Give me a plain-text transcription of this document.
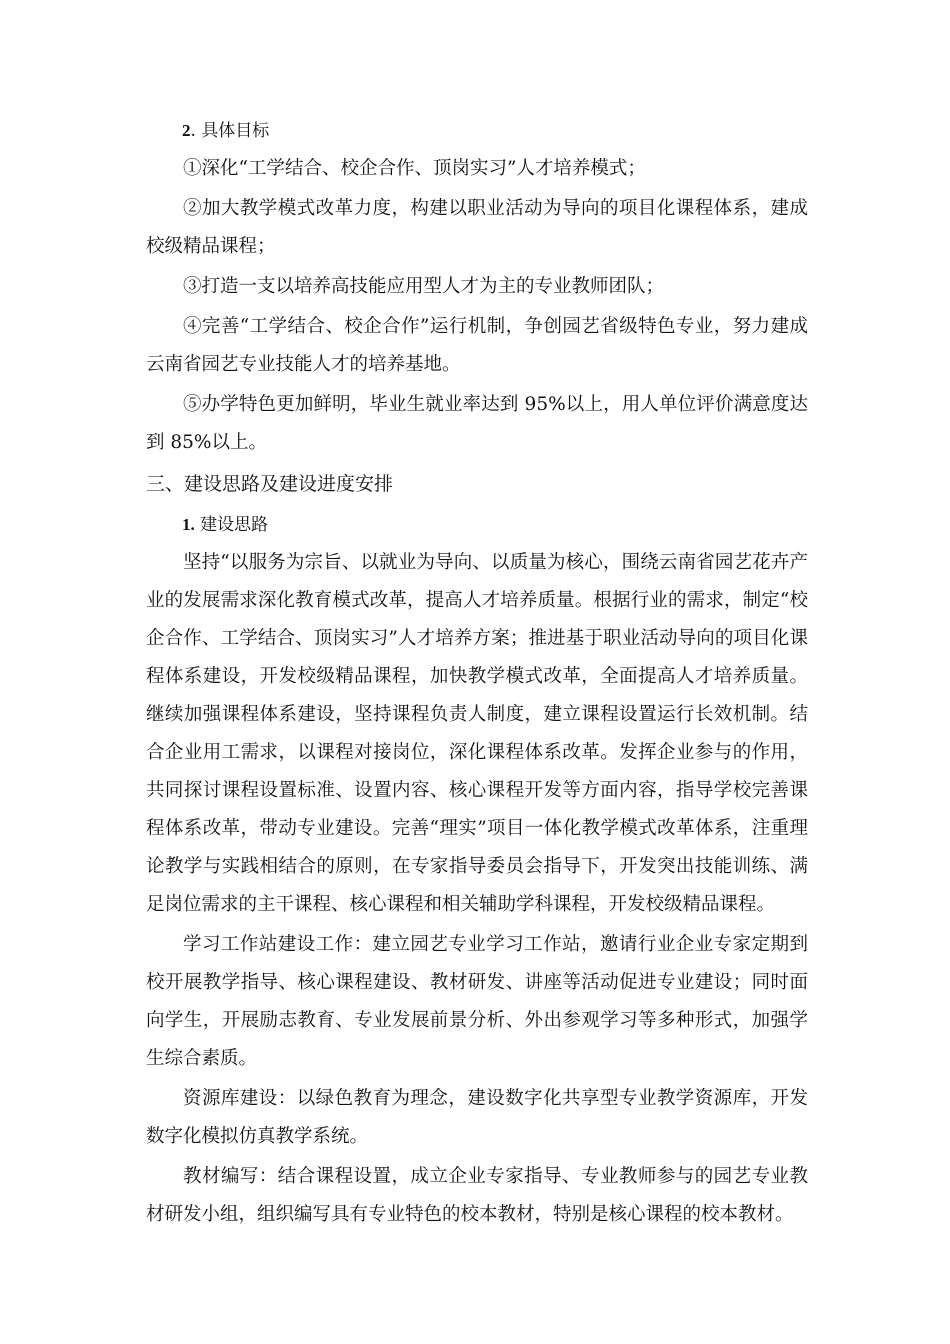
2. 具体目标

①深化“工学结合、校企合作、顶岗实习”人才培养模式；

②加大教学模式改革力度，构建以职业活动为导向的项目化课程体系，建成校级精品课程；

③打造一支以培养高技能应用型人才为主的专业教师团队；

④完善“工学结合、校企合作”运行机制，争创园艺省级特色专业，努力建成云南省园艺专业技能人才的培养基地。

⑤办学特色更加鲜明，毕业生就业率达到 95%以上，用人单位评价满意度达到 85%以上。

三、建设思路及建设进度安排
1. 建设思路

坚持“以服务为宗旨、以就业为导向、以质量为核心，围绕云南省园艺花卉产业的发展需求深化教育模式改革，提高人才培养质量。根据行业的需求，制定“校企合作、工学结合、顶岗实习”人才培养方案；推进基于职业活动导向的项目化课程体系建设，开发校级精品课程，加快教学模式改革，全面提高人才培养质量。继续加强课程体系建设，坚持课程负责人制度，建立课程设置运行长效机制。结合企业用工需求，以课程对接岗位，深化课程体系改革。发挥企业参与的作用，共同探讨课程设置标准、设置内容、核心课程开发等方面内容，指导学校完善课程体系改革，带动专业建设。完善“理实”项目一体化教学模式改革体系，注重理论教学与实践相结合的原则，在专家指导委员会指导下，开发突出技能训练、满足岗位需求的主干课程、核心课程和相关辅助学科课程，开发校级精品课程。

学习工作站建设工作：建立园艺专业学习工作站，邀请行业企业专家定期到校开展教学指导、核心课程建设、教材研发、讲座等活动促进专业建设；同时面向学生，开展励志教育、专业发展前景分析、外出参观学习等多种形式，加强学生综合素质。

资源库建设：以绿色教育为理念，建设数字化共享型专业教学资源库，开发数字化模拟仿真教学系统。

教材编写：结合课程设置，成立企业专家指导、专业教师参与的园艺专业教材研发小组，组织编写具有专业特色的校本教材，特别是核心课程的校本教材。
